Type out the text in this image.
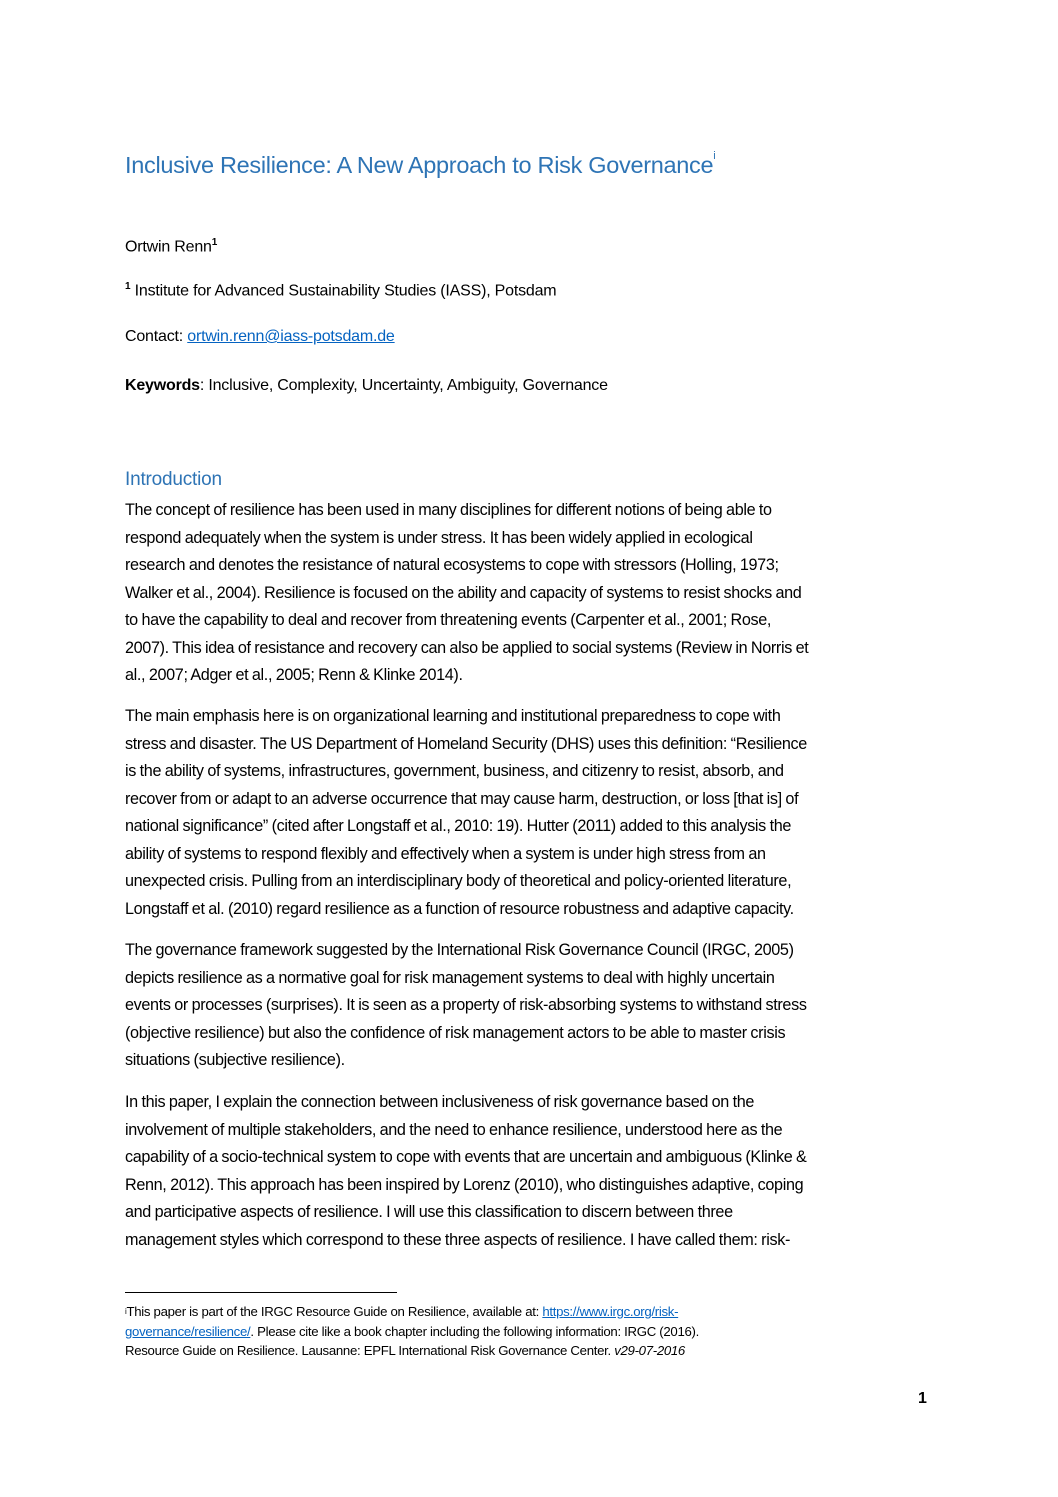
Inclusive Resilience: A New Approach to Risk Governance$^i$
Ortwin Renn$^1$
$^1$ Institute for Advanced Sustainability Studies (IASS), Potsdam
Contact: ortwin.renn@iass-potsdam.de
Keywords: Inclusive, Complexity, Uncertainty, Ambiguity, Governance
Introduction
The concept of resilience has been used in many disciplines for different notions of being able to
respond adequately when the system is under stress. It has been widely applied in ecological
research and denotes the resistance of natural ecosystems to cope with stressors (Holling, 1973;
Walker et al., 2004). Resilience is focused on the ability and capacity of systems to resist shocks and
to have the capability to deal and recover from threatening events (Carpenter et al., 2001; Rose,
2007). This idea of resistance and recovery can also be applied to social systems (Review in Norris et
al., 2007; Adger et al., 2005; Renn & Klinke 2014).
The main emphasis here is on organizational learning and institutional preparedness to cope with
stress and disaster. The US Department of Homeland Security (DHS) uses this definition: “Resilience
is the ability of systems, infrastructures, government, business, and citizenry to resist, absorb, and
recover from or adapt to an adverse occurrence that may cause harm, destruction, or loss [that is] of
national significance” (cited after Longstaff et al., 2010: 19). Hutter (2011) added to this analysis the
ability of systems to respond flexibly and effectively when a system is under high stress from an
unexpected crisis. Pulling from an interdisciplinary body of theoretical and policy-oriented literature,
Longstaff et al. (2010) regard resilience as a function of resource robustness and adaptive capacity.
The governance framework suggested by the International Risk Governance Council (IRGC, 2005)
depicts resilience as a normative goal for risk management systems to deal with highly uncertain
events or processes (surprises). It is seen as a property of risk-absorbing systems to withstand stress
(objective resilience) but also the confidence of risk management actors to be able to master crisis
situations (subjective resilience).
In this paper, I explain the connection between inclusiveness of risk governance based on the
involvement of multiple stakeholders, and the need to enhance resilience, understood here as the
capability of a socio-technical system to cope with events that are uncertain and ambiguous (Klinke &
Renn, 2012). This approach has been inspired by Lorenz (2010), who distinguishes adaptive, coping
and participative aspects of resilience. I will use this classification to discern between three
management styles which correspond to these three aspects of resilience. I have called them: risk-
$^i$This paper is part of the IRGC Resource Guide on Resilience, available at: https://www.irgc.org/risk-
governance/resilience/. Please cite like a book chapter including the following information: IRGC (2016).
Resource Guide on Resilience. Lausanne: EPFL International Risk Governance Center. v29-07-2016
1
